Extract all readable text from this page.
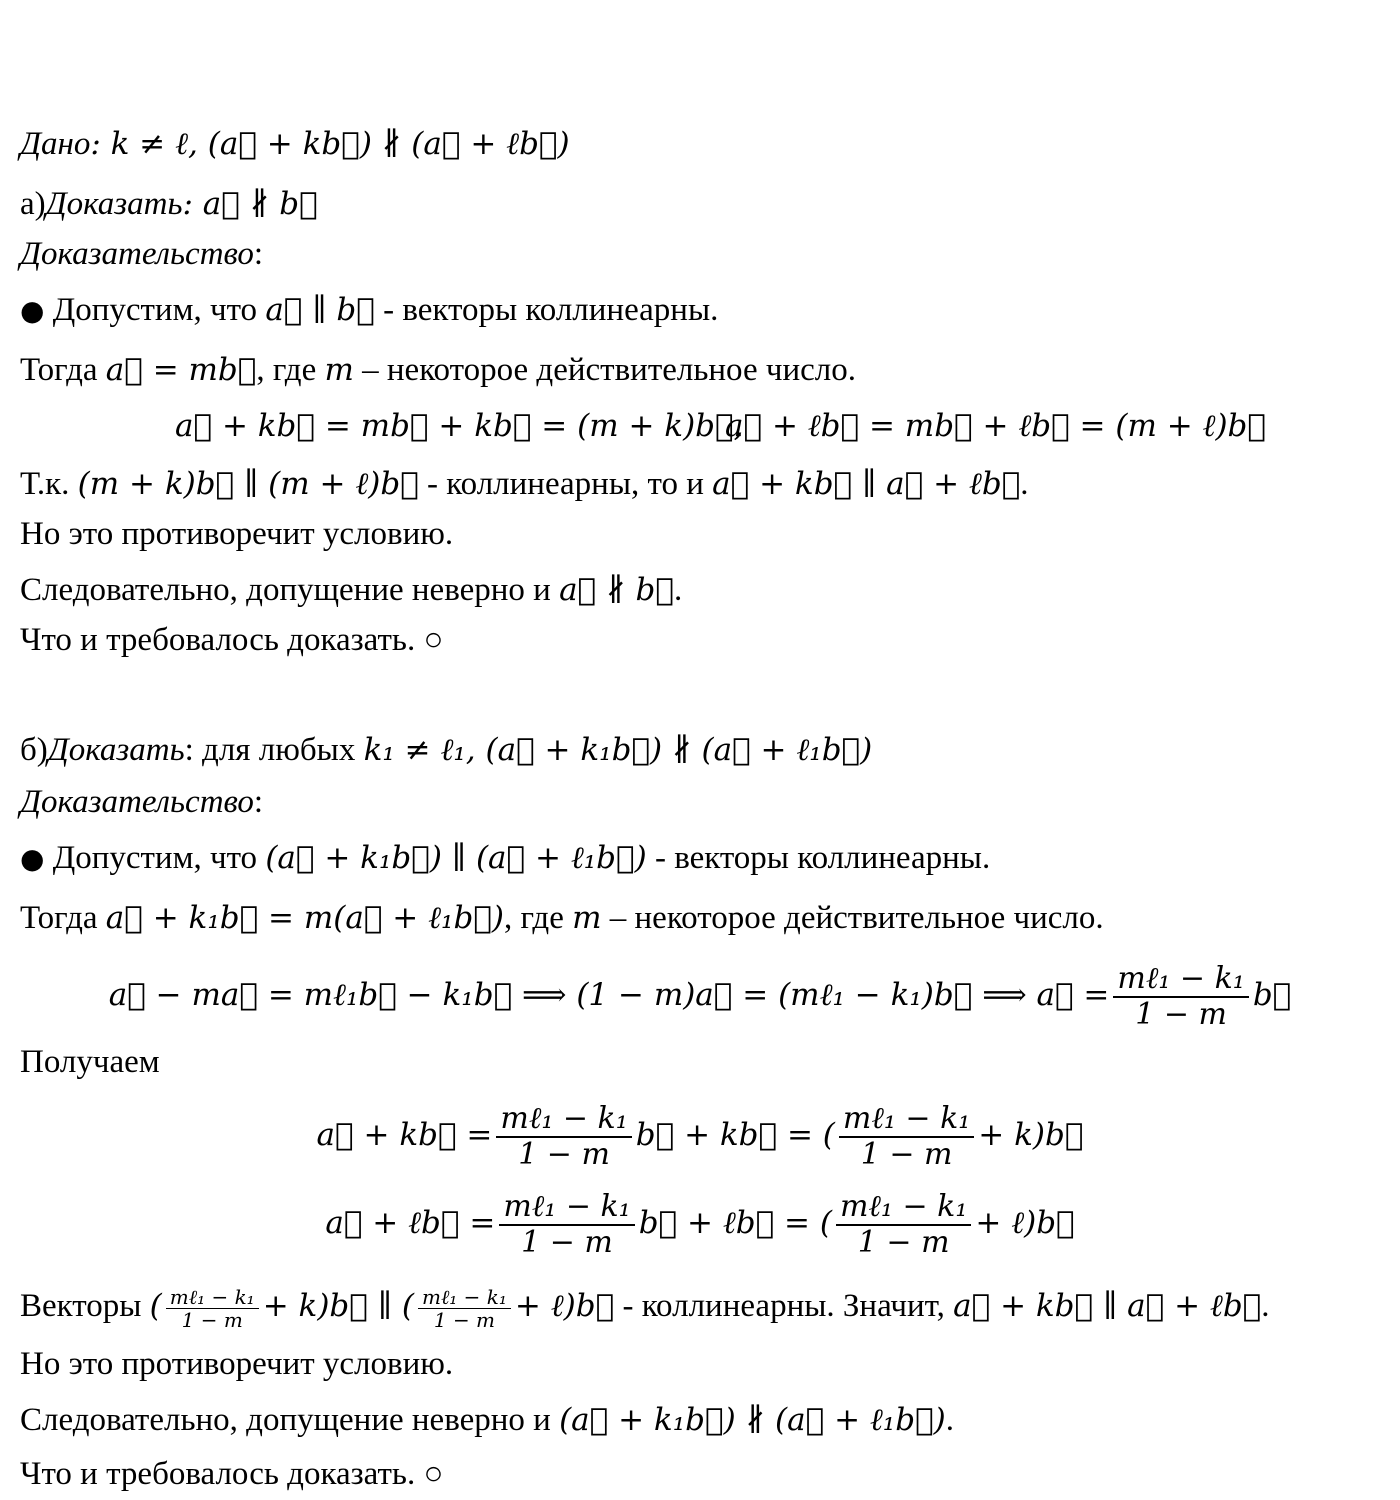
Дано: k ≠ ℓ, (a⃗ + kb⃗) ∦ (a⃗ + ℓb⃗)
а)Доказать: a⃗ ∦ b⃗
Доказательство:
● Допустим, что a⃗ ∥ b⃗ - векторы коллинеарны.
Тогда a⃗ = mb⃗, где m – некоторое действительное число.
a⃗ + kb⃗ = mb⃗ + kb⃗ = (m + k)b⃗,
a⃗ + ℓb⃗ = mb⃗ + ℓb⃗ = (m + ℓ)b⃗
Т.к. (m + k)b⃗ ∥ (m + ℓ)b⃗ - коллинеарны, то и a⃗ + kb⃗ ∥ a⃗ + ℓb⃗.
Но это противоречит условию.
Следовательно, допущение неверно и a⃗ ∦ b⃗.
Что и требовалось доказать. ○
б)Доказать: для любых k₁ ≠ ℓ₁, (a⃗ + k₁b⃗) ∦ (a⃗ + ℓ₁b⃗)
Доказательство:
● Допустим, что (a⃗ + k₁b⃗) ∥ (a⃗ + ℓ₁b⃗) - векторы коллинеарны.
Тогда a⃗ + k₁b⃗ = m(a⃗ + ℓ₁b⃗), где m – некоторое действительное число.
a⃗ − ma⃗ = mℓ₁b⃗ − k₁b⃗ ⟹ (1 − m)a⃗ = (mℓ₁ − k₁)b⃗ ⟹ a⃗ = $\frac{\text{mℓ₁ − k₁}}{1 - m}$ b⃗
Получаем
a⃗ + kb⃗ = $\frac{\text{mℓ₁ − k₁}}{1 - m}$ b⃗ + kb⃗ = ( $\frac{\text{mℓ₁ − k₁}}{1 - m}$ + k)b⃗
a⃗ + ℓb⃗ = $\frac{\text{mℓ₁ − k₁}}{1 - m}$ b⃗ + ℓb⃗ = ( $\frac{\text{mℓ₁ − k₁}}{1 - m}$ + ℓ)b⃗
Векторы ( $\frac{\text{mℓ₁ − k₁}}{1 - m}$ + k)b⃗ ∥ ( $\frac{\text{mℓ₁ − k₁}}{1 - m}$ + ℓ)b⃗ - коллинеарны. Значит, a⃗ + kb⃗ ∥ a⃗ + ℓb⃗.
Но это противоречит условию.
Следовательно, допущение неверно и (a⃗ + k₁b⃗) ∦ (a⃗ + ℓ₁b⃗).
Что и требовалось доказать. ○
